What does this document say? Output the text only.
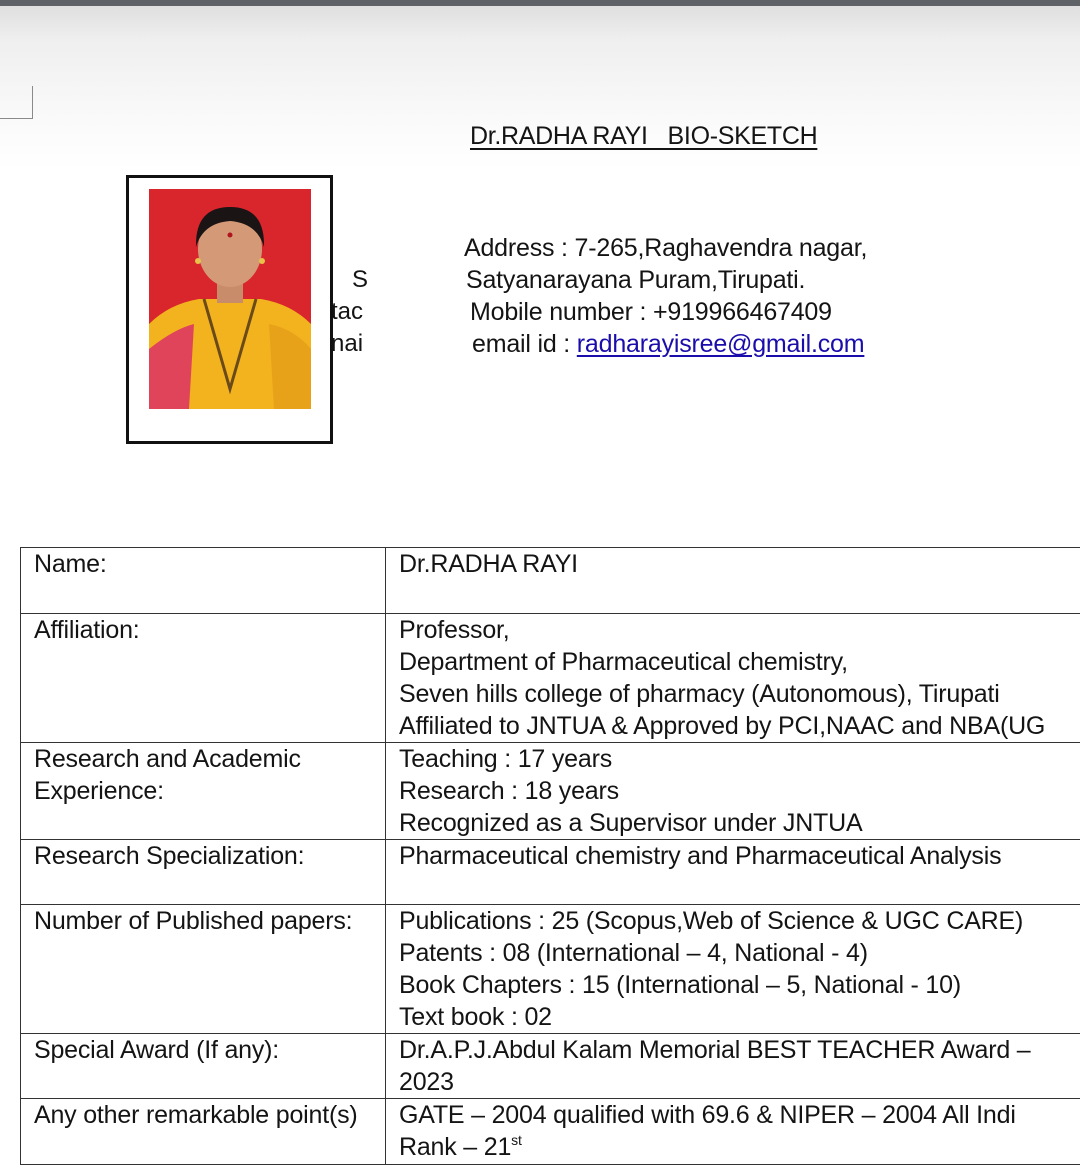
Dr.RADHA RAYI   BIO-SKETCH
S
tac
nai
Address : 7-265,Raghavendra nagar,
Satyanarayana Puram,Tirupati.
Mobile number : +919966467409
email id : radharayisree@gmail.com
Name:	Dr.RADHA RAYI

Affiliation:	Professor,
Department of Pharmaceutical chemistry,
Seven hills college of pharmacy (Autonomous), Tirupati
Affiliated to JNTUA & Approved by PCI,NAAC and NBA(UG

Research and Academic Experience:	Teaching : 17 years
Research : 18 years
Recognized as a Supervisor under JNTUA

Research Specialization:	Pharmaceutical chemistry and Pharmaceutical Analysis

Number of Published papers:	Publications : 25 (Scopus,Web of Science & UGC CARE)
Patents : 08 (International – 4, National - 4)
Book Chapters : 15 (International – 5, National - 10)
Text book : 02

Special Award (If any):	Dr.A.P.J.Abdul Kalam Memorial BEST TEACHER Award –
2023

Any other remarkable point(s)	GATE – 2004 qualified with 69.6 & NIPER – 2004 All Indi
Rank – 21st
